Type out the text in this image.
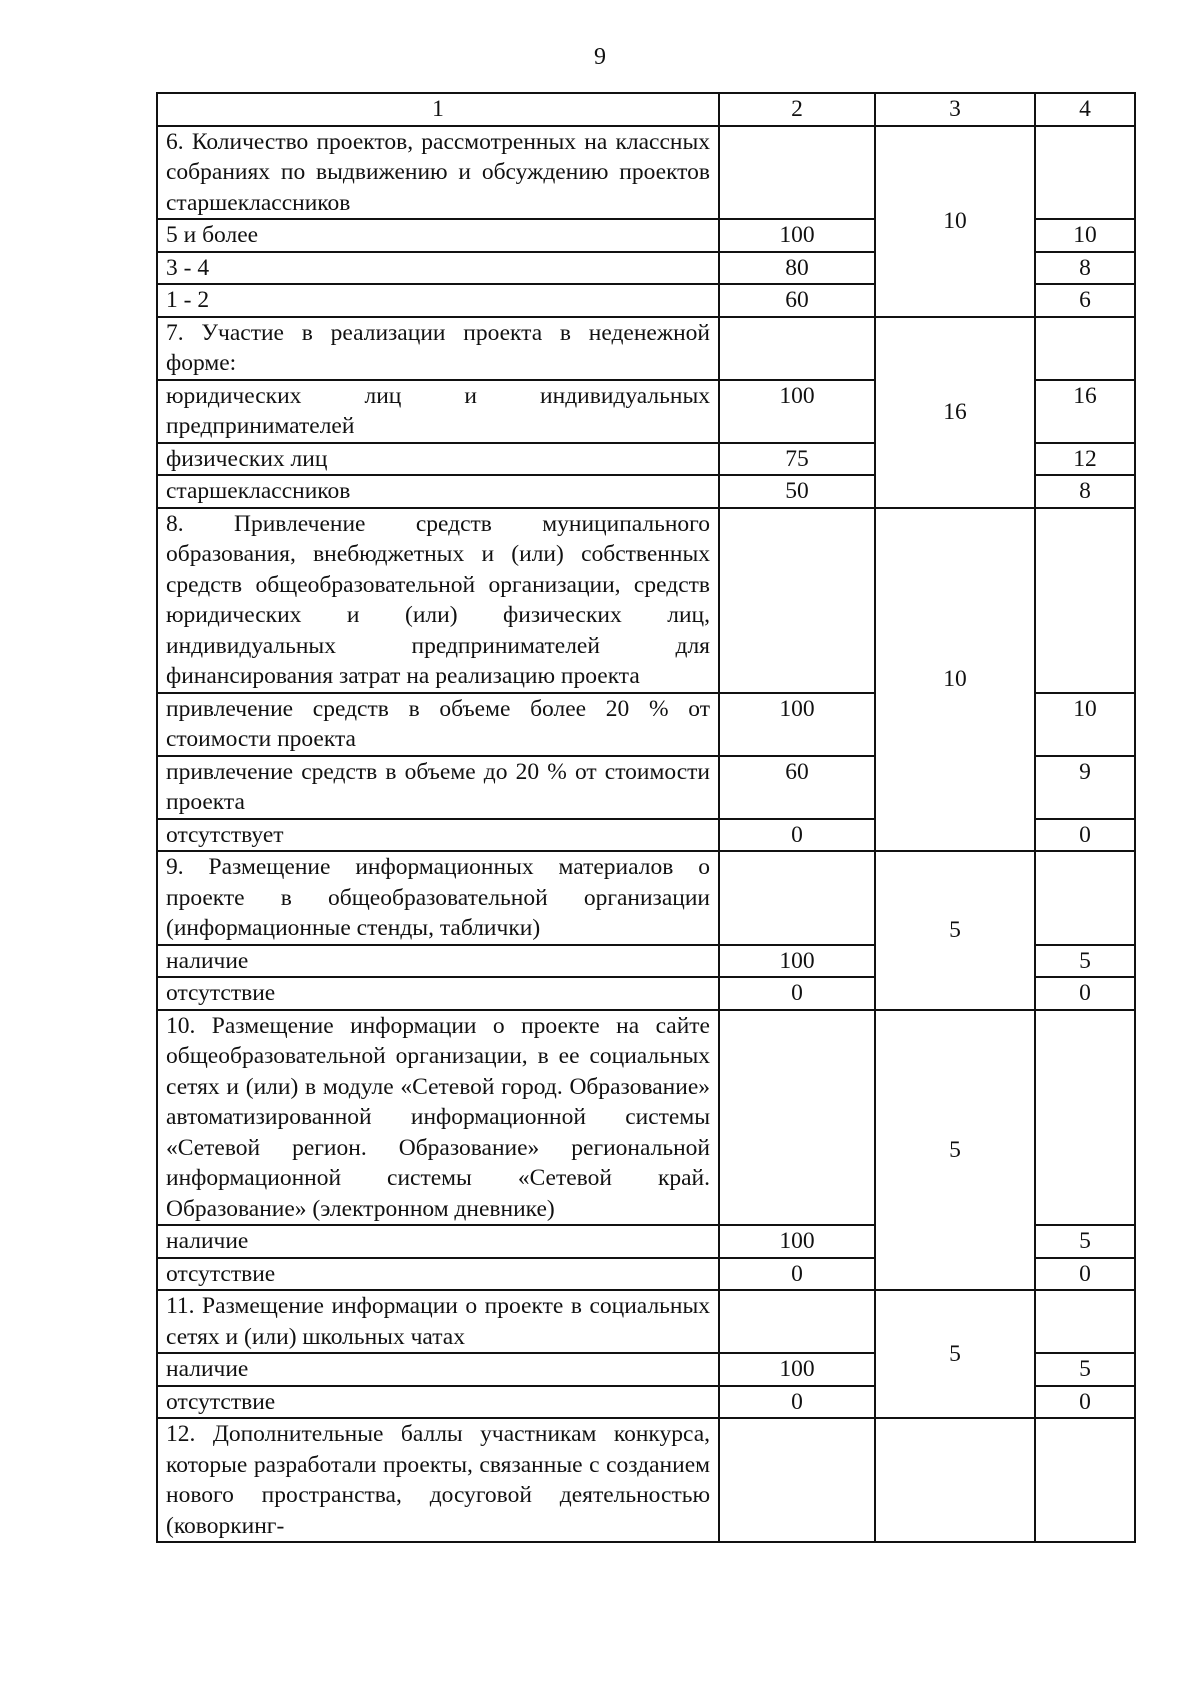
9
1	2	3	4
6. Количество проектов, рассмотренных на классных собраниях по выдвижению и обсуждению проектов старшеклассников		10	
5 и более	100		10
3 - 4	80		8
1 - 2	60		6
7. Участие в реализации проекта в неденежной форме:		16	
юридических лиц и индивидуальных предпринимателей	100		16
физических лиц	75		12
старшеклассников	50		8
8. Привлечение средств муниципального образования, внебюджетных и (или) собственных средств общеобразовательной организации, средств юридических и (или) физических лиц, индивидуальных предпринимателей для финансирования затрат на реализацию проекта		10	
привлечение средств в объеме более 20 % от стоимости проекта	100		10
привлечение средств в объеме до 20 % от стоимости проекта	60		9
отсутствует	0		0
9. Размещение информационных материалов о проекте в общеобразовательной организации (информационные стенды, таблички)		5	
наличие	100		5
отсутствие	0		0
10. Размещение информации о проекте на сайте общеобразовательной организации, в ее социальных сетях и (или) в модуле «Сетевой город. Образование» автоматизированной информационной системы «Сетевой регион. Образование» региональной информационной системы «Сетевой край. Образование» (электронном дневнике)		5	
наличие	100		5
отсутствие	0		0
11. Размещение информации о проекте в социальных сетях и (или) школьных чатах		5	
наличие	100		5
отсутствие	0		0
12. Дополнительные баллы участникам конкурса, которые разработали проекты, связанные с созданием нового пространства, досуговой деятельностью (коворкинг-			
